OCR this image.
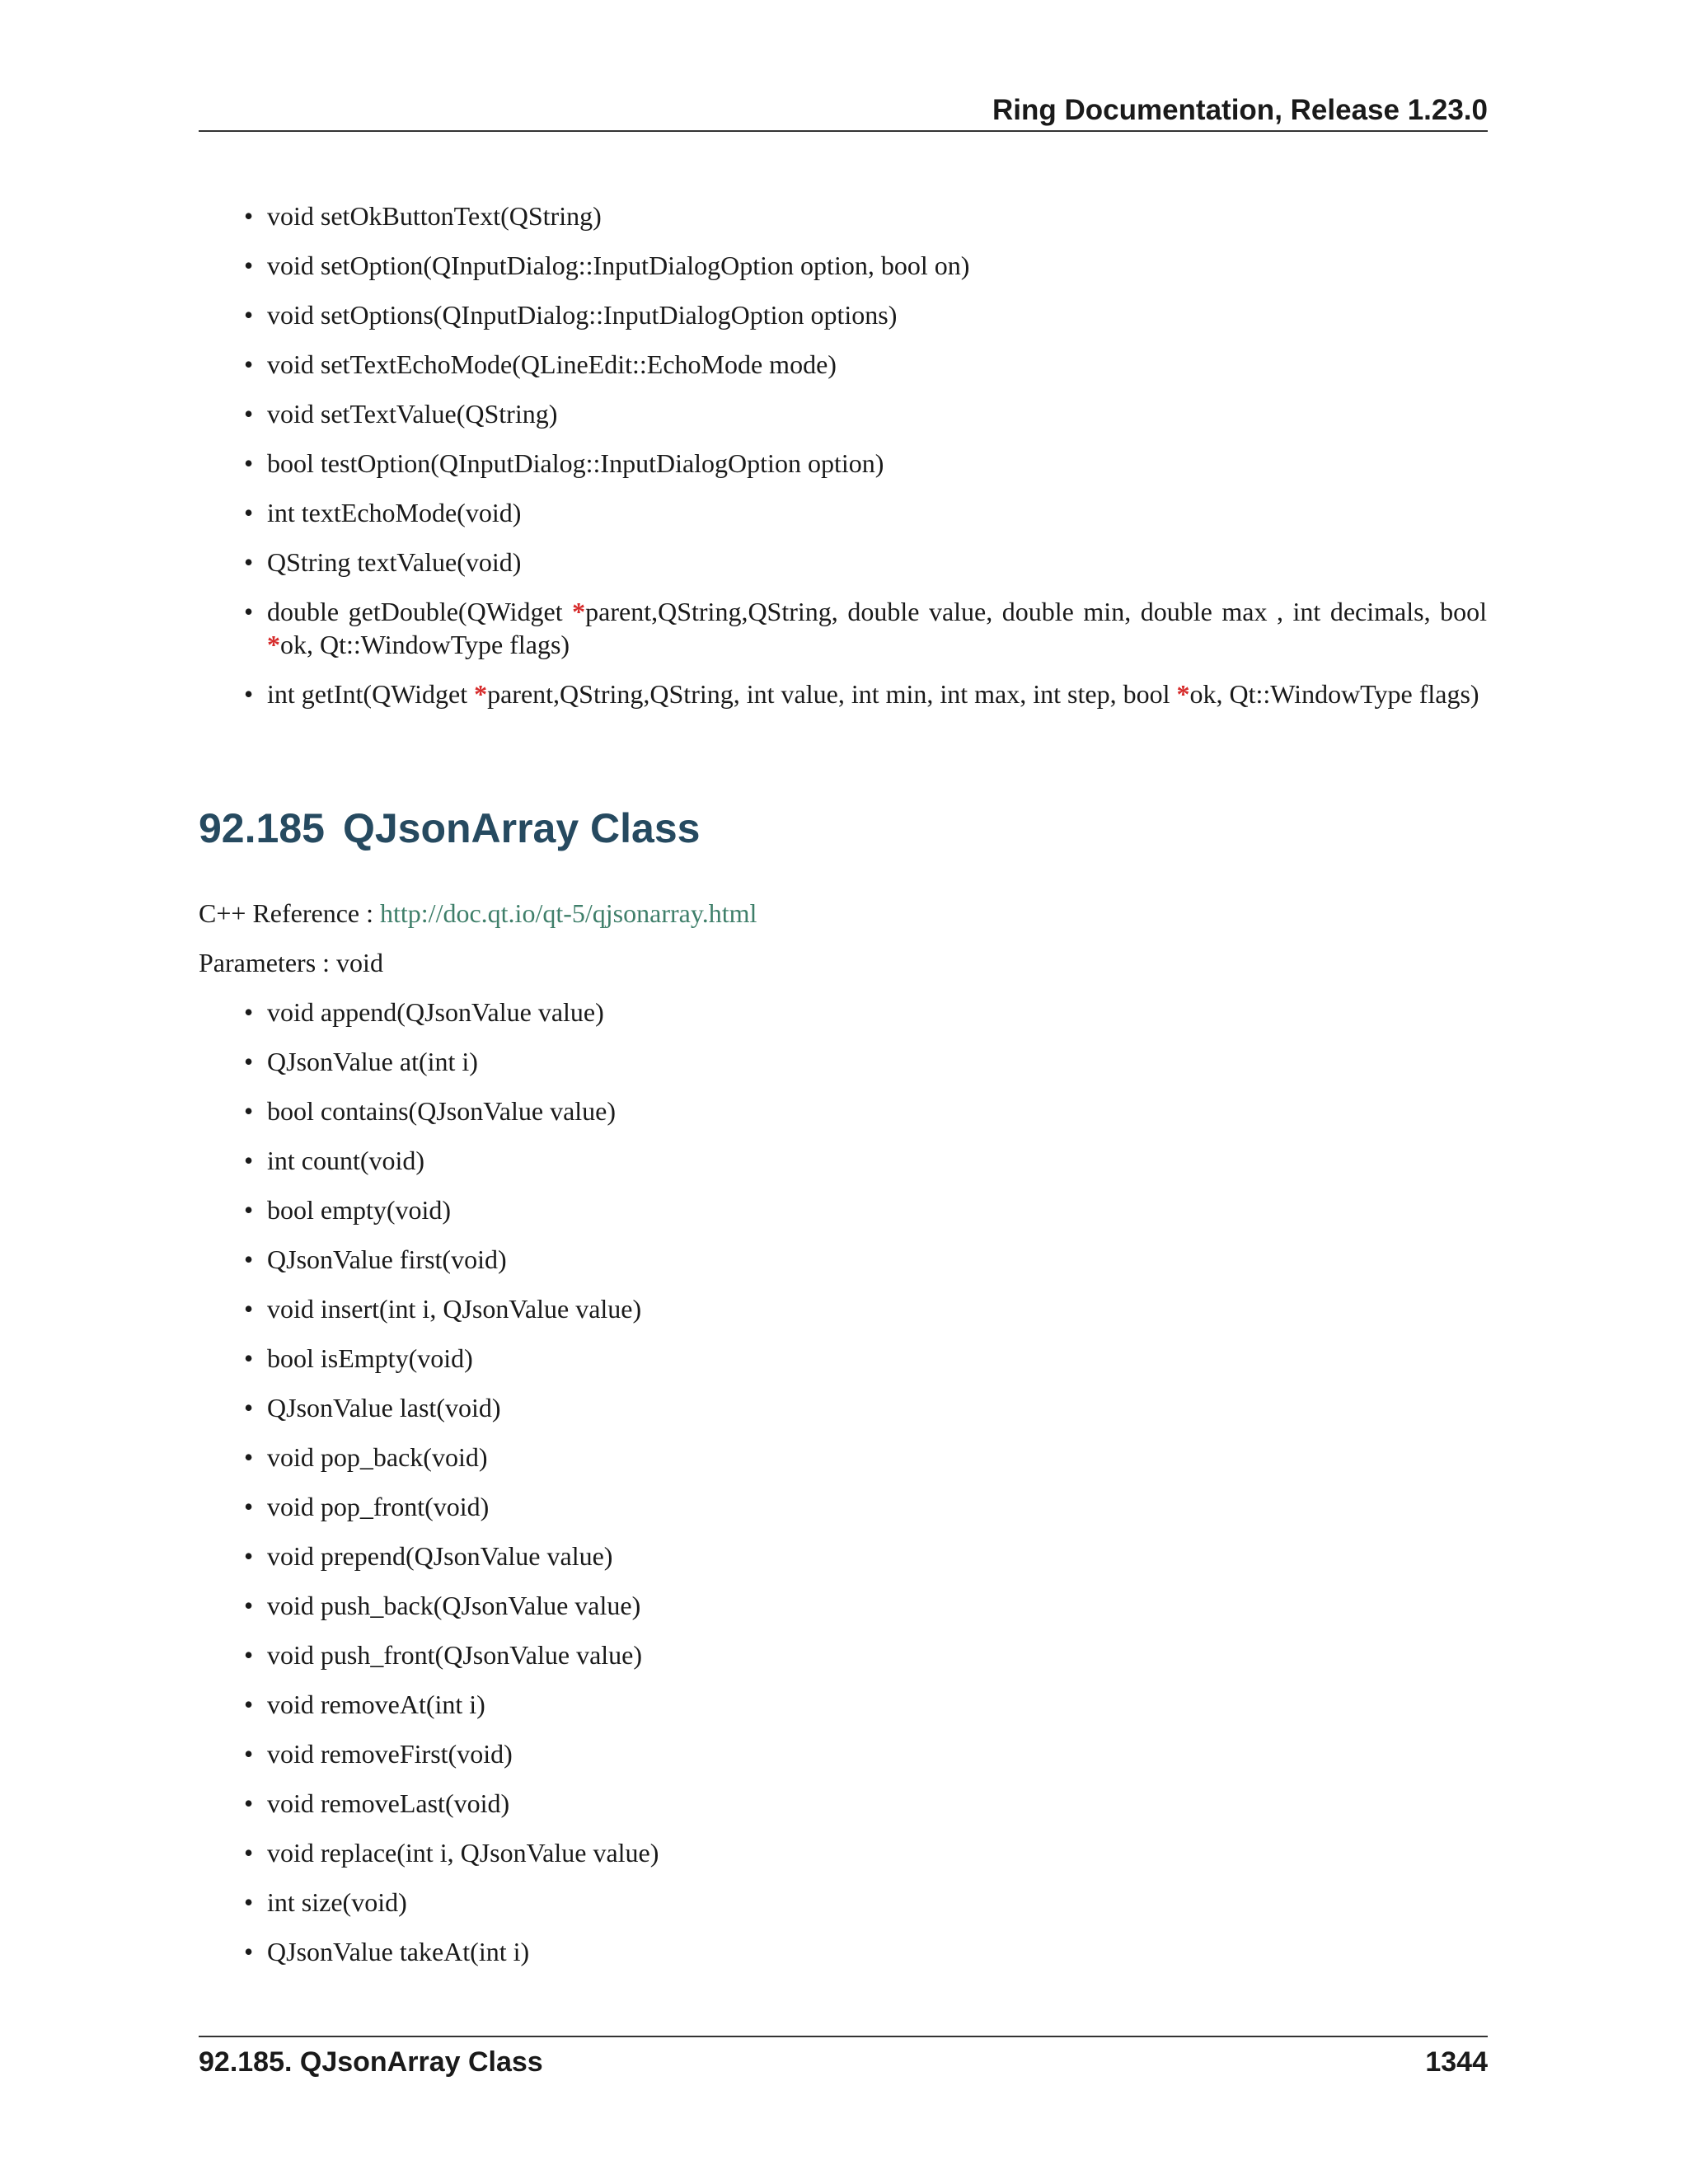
Ring Documentation, Release 1.23.0
• void setOkButtonText(QString)
• void setOption(QInputDialog::InputDialogOption option, bool on)
• void setOptions(QInputDialog::InputDialogOption options)
• void setTextEchoMode(QLineEdit::EchoMode mode)
• void setTextValue(QString)
• bool testOption(QInputDialog::InputDialogOption option)
• int textEchoMode(void)
• QString textValue(void)
• double getDouble(QWidget *parent,QString,QString, double value, double min, double max , int decimals, bool *ok, Qt::WindowType flags)
• int getInt(QWidget *parent,QString,QString, int value, int min, int max, int step, bool *ok, Qt::WindowType flags)
92.185 QJsonArray Class
C++ Reference : http://doc.qt.io/qt-5/qjsonarray.html
Parameters : void
• void append(QJsonValue value)
• QJsonValue at(int i)
• bool contains(QJsonValue value)
• int count(void)
• bool empty(void)
• QJsonValue first(void)
• void insert(int i, QJsonValue value)
• bool isEmpty(void)
• QJsonValue last(void)
• void pop_back(void)
• void pop_front(void)
• void prepend(QJsonValue value)
• void push_back(QJsonValue value)
• void push_front(QJsonValue value)
• void removeAt(int i)
• void removeFirst(void)
• void removeLast(void)
• void replace(int i, QJsonValue value)
• int size(void)
• QJsonValue takeAt(int i)
92.185. QJsonArray Class	1344
